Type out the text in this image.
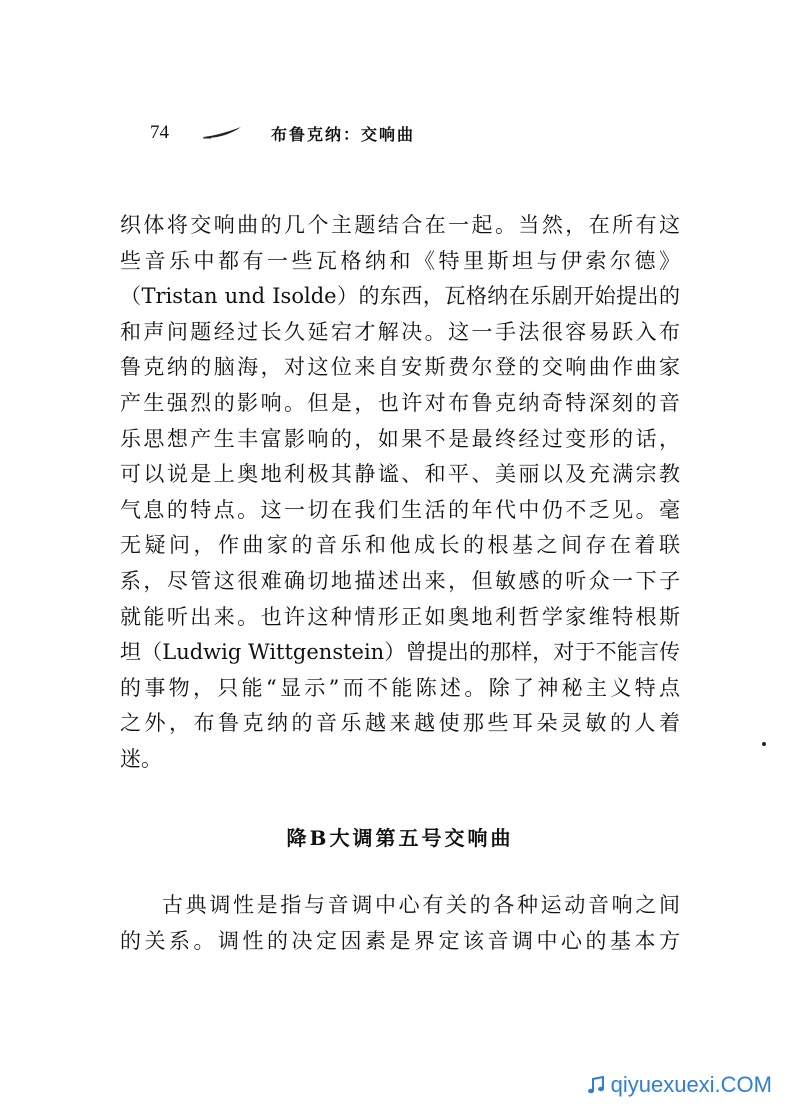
74	布鲁克纳：交响曲
织体将交响曲的几个主题结合在一起。当然，在所有这
些音乐中都有一些瓦格纳和《特里斯坦与伊索尔德》
（Tristan und Isolde）的东西，瓦格纳在乐剧开始提出的
和声问题经过长久延宕才解决。这一手法很容易跃入布
鲁克纳的脑海，对这位来自安斯费尔登的交响曲作曲家
产生强烈的影响。但是，也许对布鲁克纳奇特深刻的音
乐思想产生丰富影响的，如果不是最终经过变形的话，
可以说是上奥地利极其静谧、和平、美丽以及充满宗教
气息的特点。这一切在我们生活的年代中仍不乏见。毫
无疑问，作曲家的音乐和他成长的根基之间存在着联
系，尽管这很难确切地描述出来，但敏感的听众一下子
就能听出来。也许这种情形正如奥地利哲学家维特根斯
坦（Ludwig Wittgenstein）曾提出的那样，对于不能言传
的事物，只能“显示”而不能陈述。除了神秘主义特点
之外，布鲁克纳的音乐越来越使那些耳朵灵敏的人着
迷。
降B大调第五号交响曲
古典调性是指与音调中心有关的各种运动音响之间
的关系。调性的决定因素是界定该音调中心的基本方
qiyuexuexi.COM
